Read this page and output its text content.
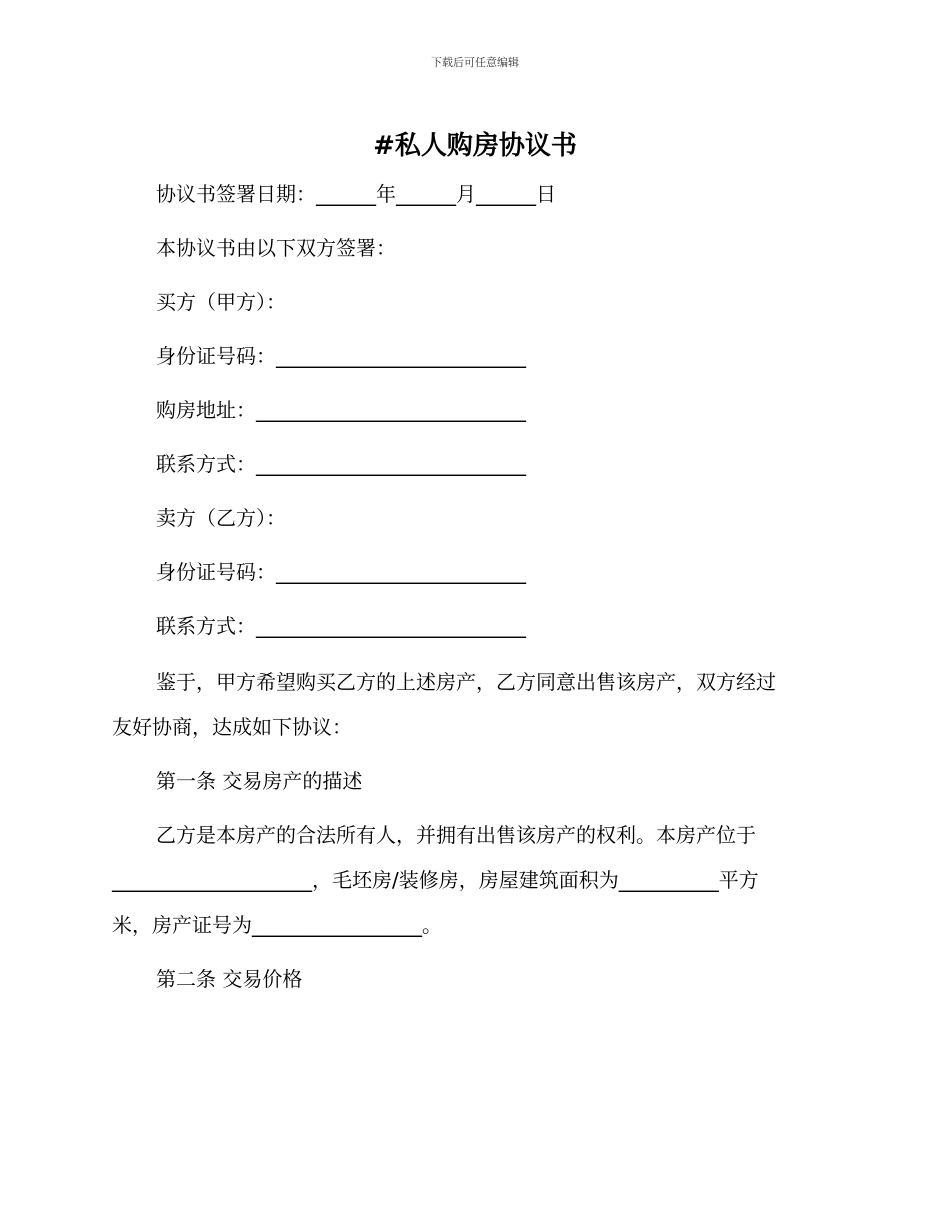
下载后可任意编辑
#私人购房协议书
协议书签署日期：______年______月______日
本协议书由以下双方签署：
买方（甲方）：
身份证号码：_________________________
购房地址：___________________________
联系方式：___________________________
卖方（乙方）：
身份证号码：_________________________
联系方式：___________________________
鉴于，甲方希望购买乙方的上述房产，乙方同意出售该房产，双方经过
友好协商，达成如下协议：
第一条 交易房产的描述
乙方是本房产的合法所有人，并拥有出售该房产的权利。本房产位于
____________________，毛坯房/装修房，房屋建筑面积为__________平方
米，房产证号为_________________。
第二条 交易价格
